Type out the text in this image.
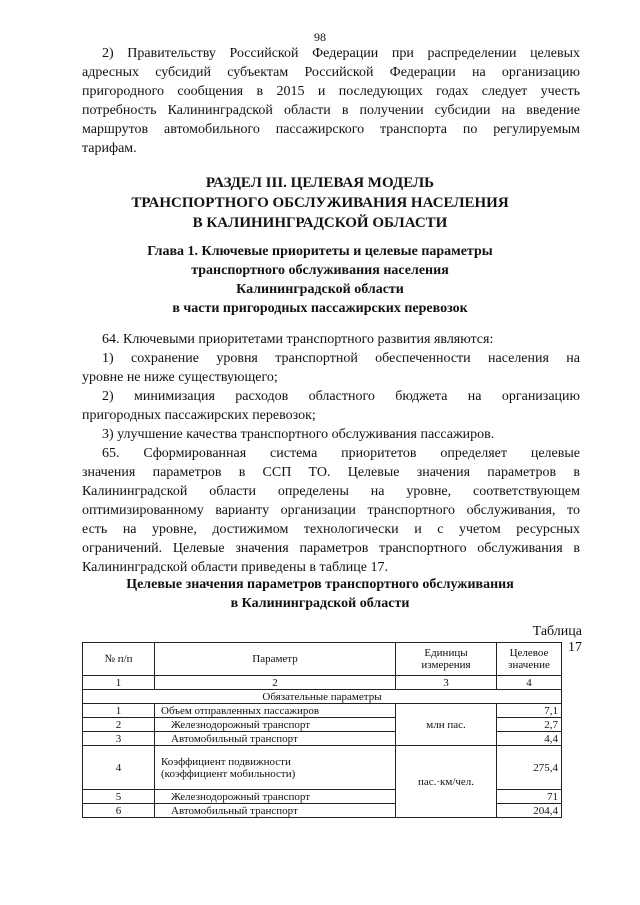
98
2) Правительству Российской Федерации при распределении целевых
адресных субсидий субъектам Российской Федерации на организацию
пригородного сообщения в 2015 и последующих годах следует учесть
потребность Калининградской области в получении субсидии на введение
маршрутов автомобильного пассажирского транспорта по регулируемым
тарифам.
РАЗДЕЛ III. ЦЕЛЕВАЯ МОДЕЛЬ
ТРАНСПОРТНОГО ОБСЛУЖИВАНИЯ НАСЕЛЕНИЯ
В КАЛИНИНГРАДСКОЙ ОБЛАСТИ
Глава 1. Ключевые приоритеты и целевые параметры
транспортного обслуживания населения
Калининградской области
в части пригородных пассажирских перевозок
64. Ключевыми приоритетами транспортного развития являются:
1) сохранение уровня транспортной обеспеченности населения на
уровне не ниже существующего;
2) минимизация расходов областного бюджета на организацию
пригородных пассажирских перевозок;
3) улучшение качества транспортного обслуживания пассажиров.
65. Сформированная система приоритетов определяет целевые
значения параметров в ССП ТО. Целевые значения параметров в
Калининградской области определены на уровне, соответствующем
оптимизированному варианту организации транспортного обслуживания, то
есть на уровне, достижимом технологически и с учетом ресурсных
ограничений. Целевые значения параметров транспортного обслуживания в
Калининградской области приведены в таблице 17.
Целевые значения параметров транспортного обслуживания
в Калининградской области
Таблица 17
№ п/п	Параметр	Единицы измерения	Целевое значение
1	2	3	4
Обязательные параметры			
1	Объем отправленных пассажиров	млн пас.	7,1
2	Железнодорожный транспорт		2,7
3	Автомобильный транспорт		4,4
4	Коэффициент подвижности
(коэффициент мобильности)	пас.·км/чел.	275,4
5	Железнодорожный транспорт		71
6	Автомобильный транспорт		204,4
